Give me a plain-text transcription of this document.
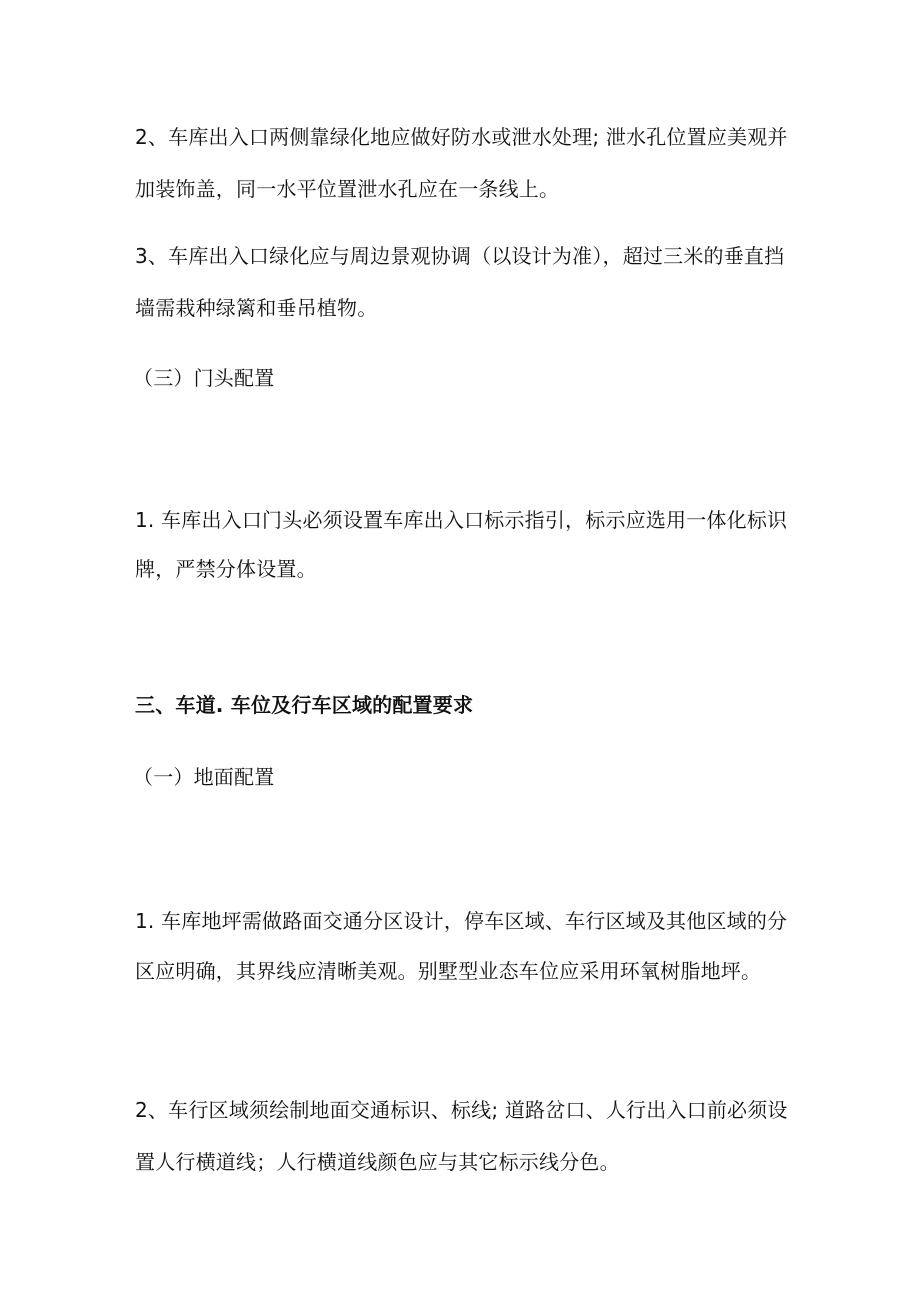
2、车库出入口两侧靠绿化地应做好防水或泄水处理; 泄水孔位置应美观并
加装饰盖，同一水平位置泄水孔应在一条线上。
3、车库出入口绿化应与周边景观协调（以设计为准），超过三米的垂直挡
墙需栽种绿篱和垂吊植物。
（三）门头配置
1. 车库出入口门头必须设置车库出入口标示指引，标示应选用一体化标识
牌，严禁分体设置。
三、车道. 车位及行车区域的配置要求
（一）地面配置
1. 车库地坪需做路面交通分区设计，停车区域、车行区域及其他区域的分
区应明确，其界线应清晰美观。别墅型业态车位应采用环氧树脂地坪。
2、车行区域须绘制地面交通标识、标线; 道路岔口、人行出入口前必须设
置人行横道线；人行横道线颜色应与其它标示线分色。
